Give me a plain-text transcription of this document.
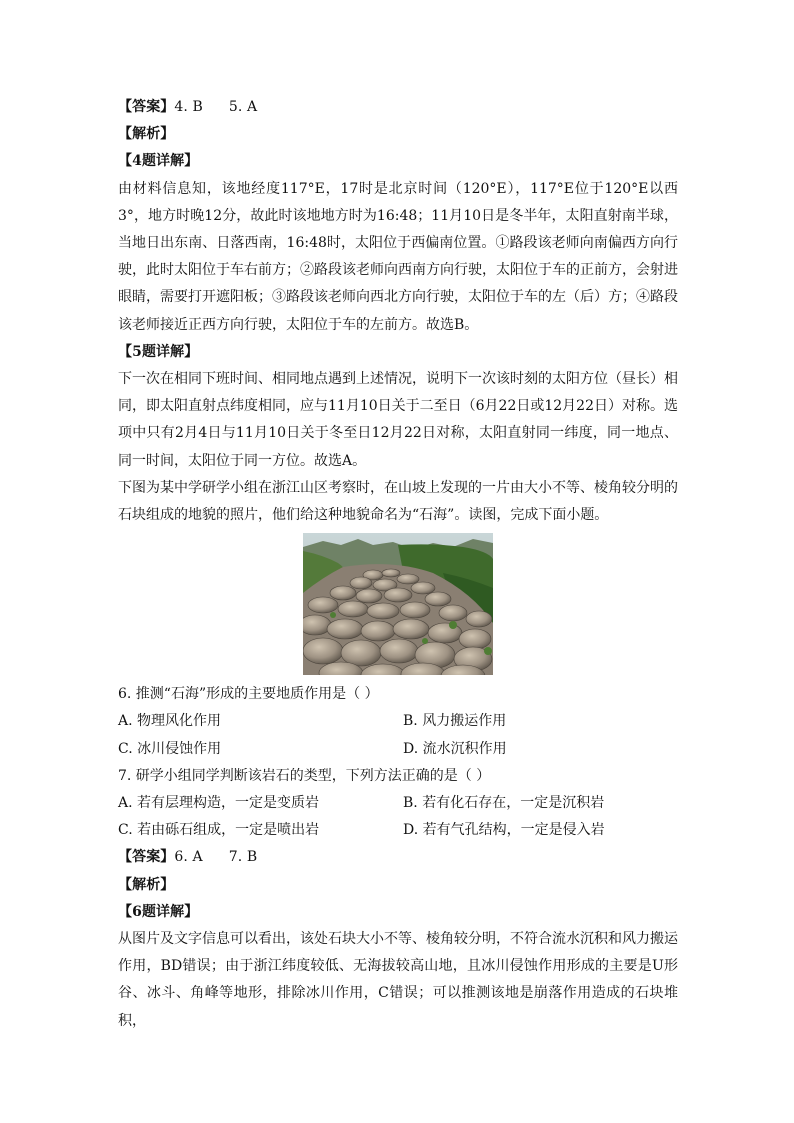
【答案】4. B 5. A
【解析】
【4题详解】
由材料信息知，该地经度117°E，17时是北京时间（120°E），117°E位于120°E以西3°，地方时晚12分，故此时该地地方时为16:48；11月10日是冬半年，太阳直射南半球，当地日出东南、日落西南，16:48时，太阳位于西偏南位置。①路段该老师向南偏西方向行驶，此时太阳位于车右前方；②路段该老师向西南方向行驶，太阳位于车的正前方，会射进眼睛，需要打开遮阳板；③路段该老师向西北方向行驶，太阳位于车的左（后）方；④路段该老师接近正西方向行驶，太阳位于车的左前方。故选B。
【5题详解】
下一次在相同下班时间、相同地点遇到上述情况，说明下一次该时刻的太阳方位（昼长）相同，即太阳直射点纬度相同，应与11月10日关于二至日（6月22日或12月22日）对称。选项中只有2月4日与11月10日关于冬至日12月22日对称，太阳直射同一纬度，同一地点、同一时间，太阳位于同一方位。故选A。
下图为某中学研学小组在浙江山区考察时，在山坡上发现的一片由大小不等、棱角较分明的石块组成的地貌的照片，他们给这种地貌命名为“石海”。读图，完成下面小题。
6. 推测“石海”形成的主要地质作用是（ ）
A. 物理风化作用	B. 风力搬运作用
C. 冰川侵蚀作用	D. 流水沉积作用
7. 研学小组同学判断该岩石的类型，下列方法正确的是（ ）
A. 若有层理构造，一定是变质岩	B. 若有化石存在，一定是沉积岩
C. 若由砾石组成，一定是喷出岩	D. 若有气孔结构，一定是侵入岩
【答案】6. A 7. B
【解析】
【6题详解】
从图片及文字信息可以看出，该处石块大小不等、棱角较分明，不符合流水沉积和风力搬运作用，BD错误；由于浙江纬度较低、无海拔较高山地，且冰川侵蚀作用形成的主要是U形谷、冰斗、角峰等地形，排除冰川作用，C错误；可以推测该地是崩落作用造成的石块堆积，
